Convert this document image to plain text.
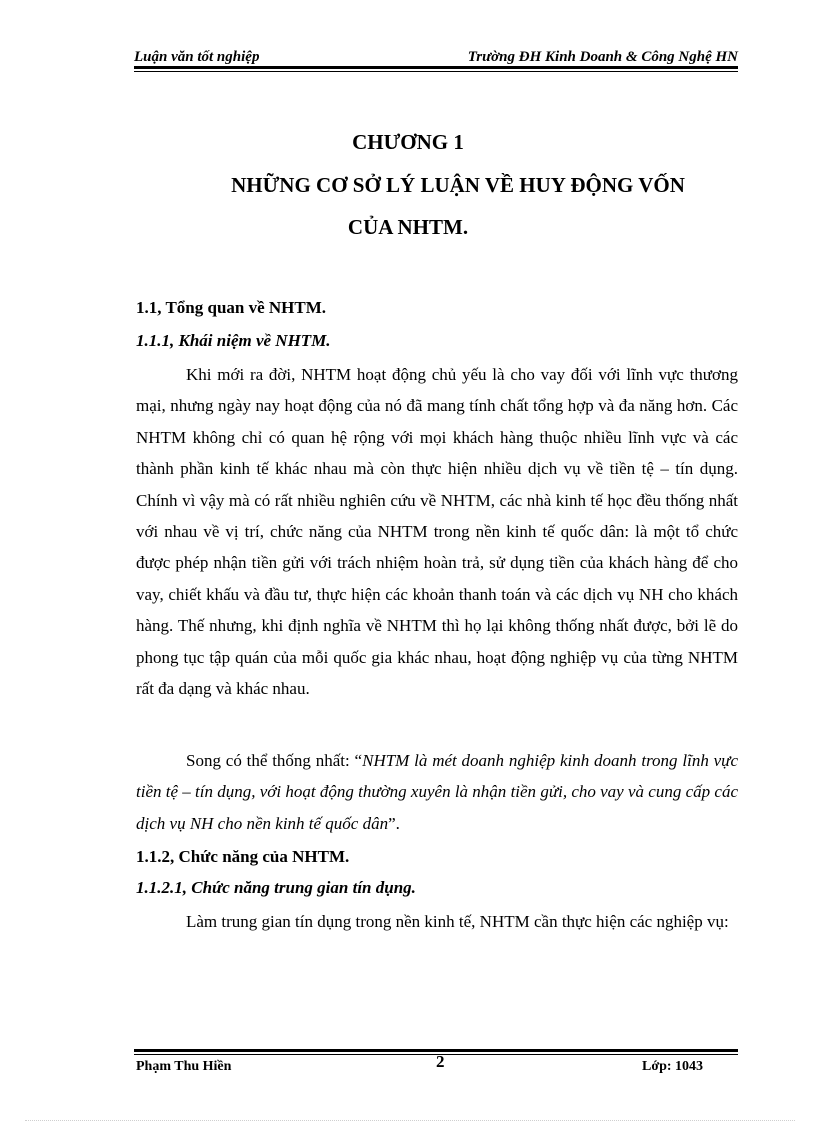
Luận văn tốt nghiệp	Trường ĐH Kinh Doanh & Công Nghệ HN
CHƯƠNG 1
NHỮNG CƠ SỞ LÝ LUẬN VỀ HUY ĐỘNG VỐN
CỦA NHTM.
1.1, Tổng quan về NHTM.
1.1.1, Khái niệm về NHTM.

Khi mới ra đời, NHTM hoạt động chủ yếu là cho vay đối với lĩnh vực thương mại, nhưng ngày nay hoạt động của nó đã mang tính chất tổng hợp và đa năng hơn. Các NHTM không chỉ có quan hệ rộng với mọi khách hàng thuộc nhiều lĩnh vực và các thành phần kinh tế khác nhau mà còn thực hiện nhiều dịch vụ về tiền tệ – tín dụng. Chính vì vậy mà có rất nhiều nghiên cứu về NHTM, các nhà kinh tế học đều thống nhất với nhau về vị trí, chức năng của NHTM trong nền kinh tế quốc dân: là một tổ chức được phép nhận tiền gửi với trách nhiệm hoàn trả, sử dụng tiền của khách hàng để cho vay, chiết khấu và đầu tư, thực hiện các khoản thanh toán và các dịch vụ NH cho khách hàng. Thế nhưng, khi định nghĩa về NHTM thì họ lại không thống nhất được, bởi lẽ do phong tục tập quán của mỗi quốc gia khác nhau, hoạt động nghiệp vụ của từng NHTM rất đa dạng và khác nhau.

Song có thể thống nhất: “NHTM là mét doanh nghiệp kinh doanh trong lĩnh vực tiền tệ – tín dụng, với hoạt động thường xuyên là nhận tiền gửi, cho vay và cung cấp các dịch vụ NH cho nền kinh tế quốc dân”.

1.1.2, Chức năng của NHTM.
1.1.2.1, Chức năng trung gian tín dụng.

Làm trung gian tín dụng trong nền kinh tế, NHTM cần thực hiện các nghiệp vụ:

Phạm Thu Hiền	2	Lớp: 1043
